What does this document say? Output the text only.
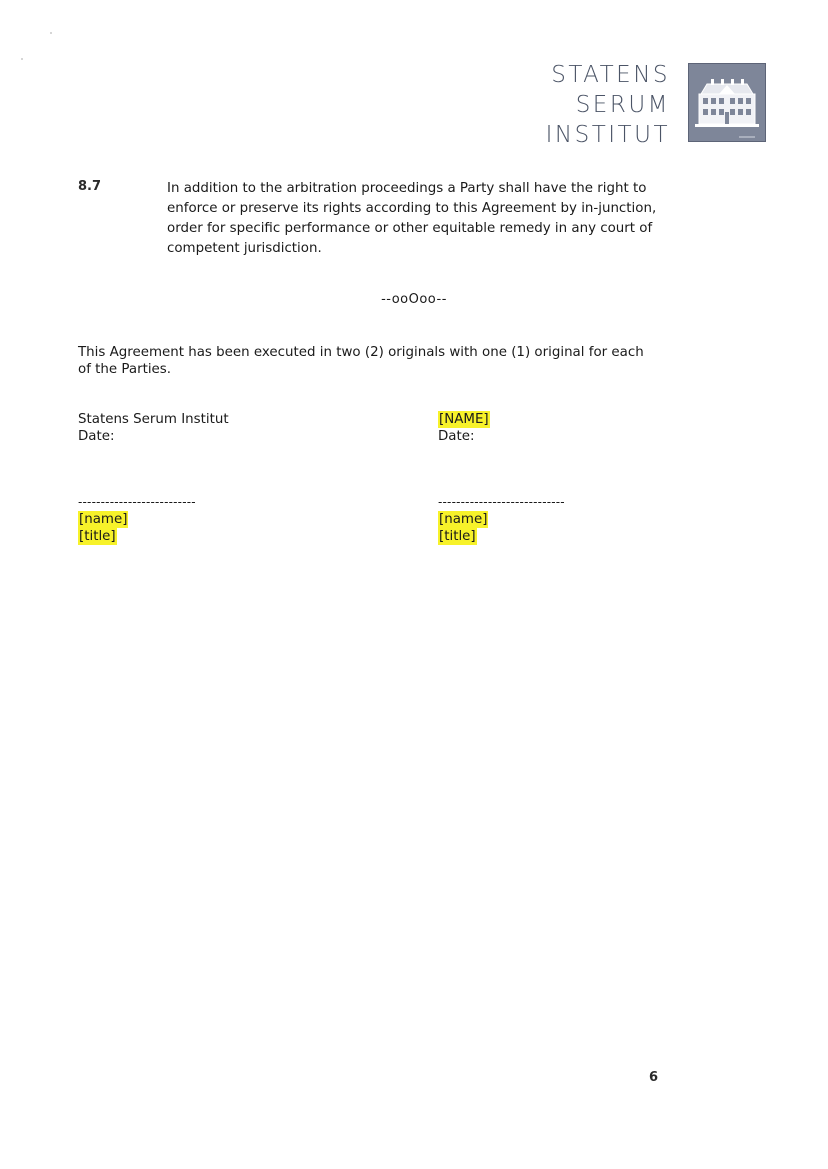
STATENS
SERUM
INSTITUT
8.7	In addition to the arbitration proceedings a Party shall have the right to enforce or preserve its rights according to this Agreement by in-junction, order for specific performance or other equitable remedy in any court of competent jurisdiction.
--ooOoo--
This Agreement has been executed in two (2) originals with one (1) original for each of the Parties.
Statens Serum Institut
Date:
[NAME]
Date:
--------------------------
[name]
[title]
----------------------------
[name]
[title]
6
